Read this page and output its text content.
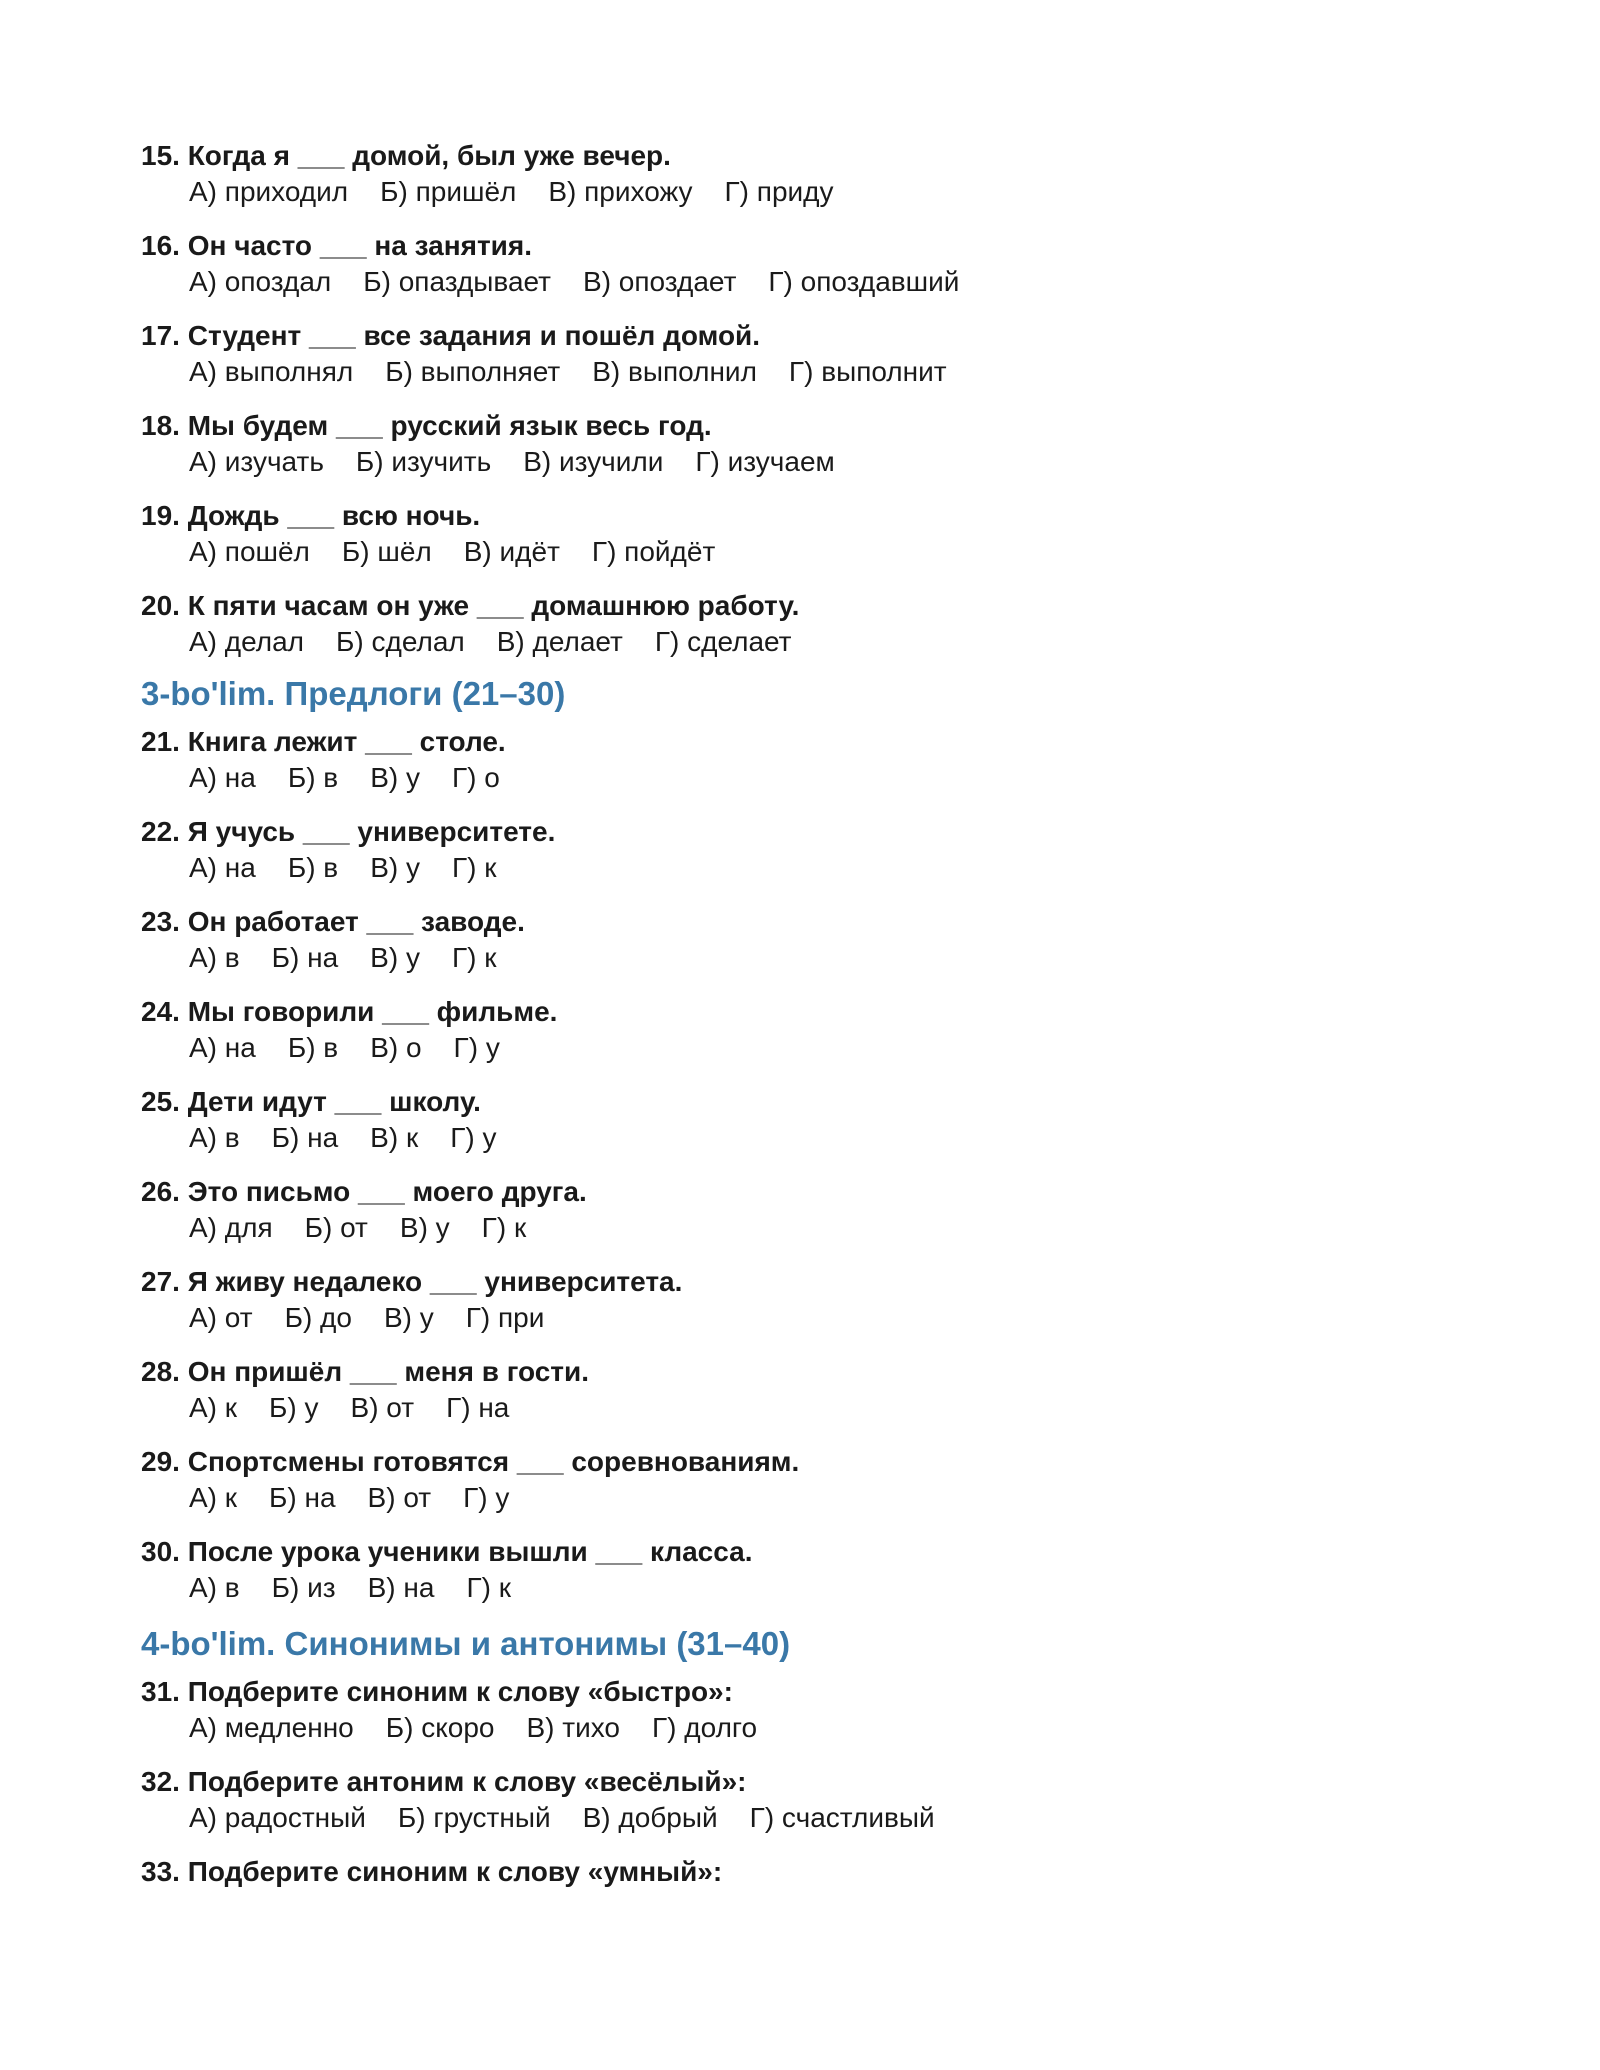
15. Когда я ___ домой, был уже вечер.
А) приходил Б) пришёл В) прихожу Г) приду
16. Он часто ___ на занятия.
А) опоздал Б) опаздывает В) опоздает Г) опоздавший
17. Студент ___ все задания и пошёл домой.
А) выполнял Б) выполняет В) выполнил Г) выполнит
18. Мы будем ___ русский язык весь год.
А) изучать Б) изучить В) изучили Г) изучаем
19. Дождь ___ всю ночь.
А) пошёл Б) шёл В) идёт Г) пойдёт
20. К пяти часам он уже ___ домашнюю работу.
А) делал Б) сделал В) делает Г) сделает
3-bo'lim. Предлоги (21–30)
21. Книга лежит ___ столе.
А) на Б) в В) у Г) о
22. Я учусь ___ университете.
А) на Б) в В) у Г) к
23. Он работает ___ заводе.
А) в Б) на В) у Г) к
24. Мы говорили ___ фильме.
А) на Б) в В) о Г) у
25. Дети идут ___ школу.
А) в Б) на В) к Г) у
26. Это письмо ___ моего друга.
А) для Б) от В) у Г) к
27. Я живу недалеко ___ университета.
А) от Б) до В) у Г) при
28. Он пришёл ___ меня в гости.
А) к Б) у В) от Г) на
29. Спортсмены готовятся ___ соревнованиям.
А) к Б) на В) от Г) у
30. После урока ученики вышли ___ класса.
А) в Б) из В) на Г) к
4-bo'lim. Синонимы и антонимы (31–40)
31. Подберите синоним к слову «быстро»:
А) медленно Б) скоро В) тихо Г) долго
32. Подберите антоним к слову «весёлый»:
А) радостный Б) грустный В) добрый Г) счастливый
33. Подберите синоним к слову «умный»:
